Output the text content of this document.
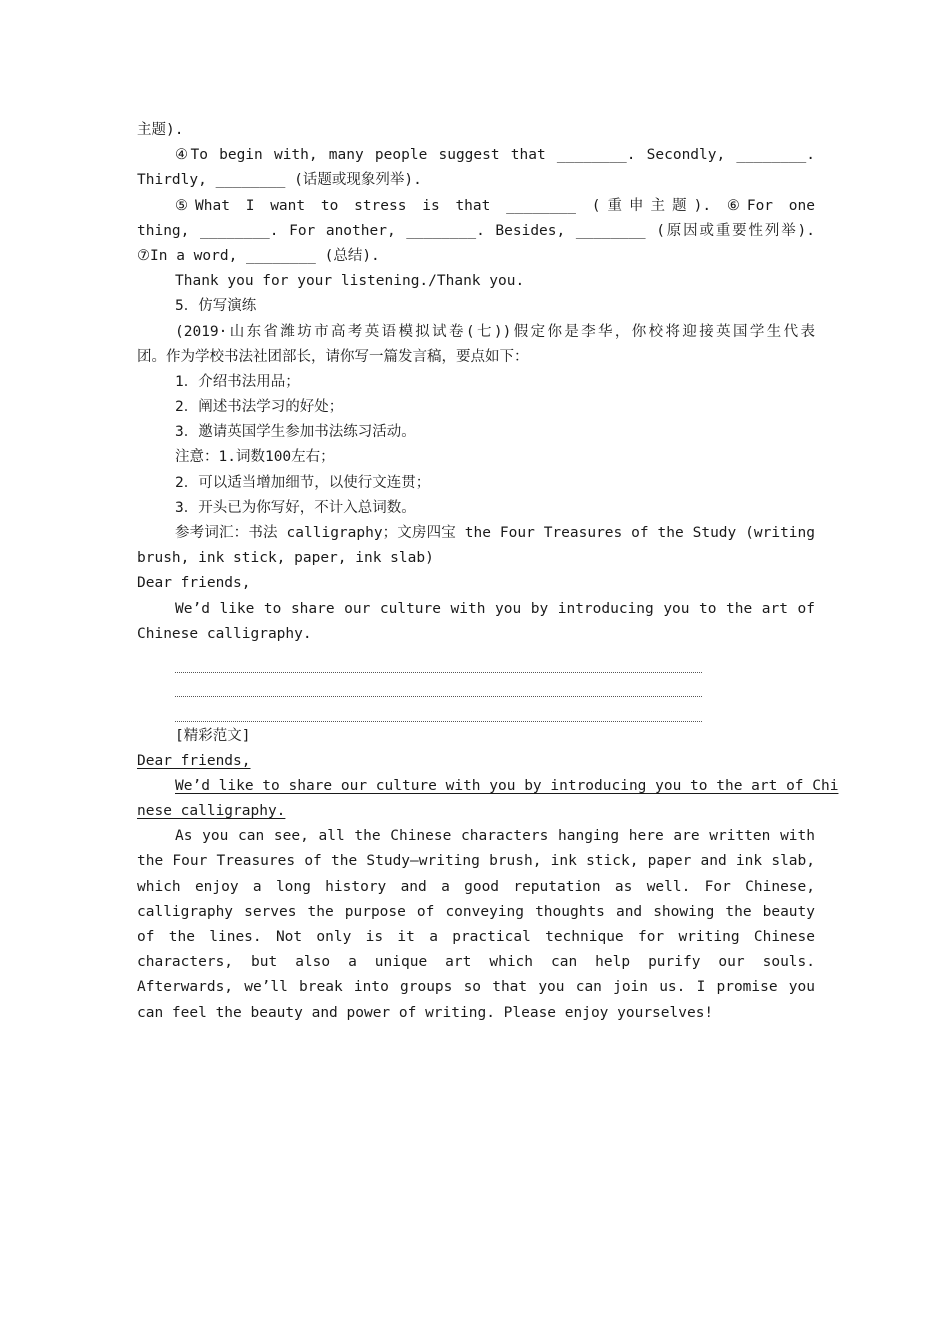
主题).
④To begin with, many people suggest that ________. Secondly, ________.
Thirdly, ________ (话题或现象列举).
⑤What I want to stress is that ________ (重申主题). ⑥For one
thing, ________. For another, ________. Besides, ________ (原因或重要性列举).
⑦In a word, ________ (总结).
Thank you for your listening./Thank you.
5．仿写演练
(2019·山东省潍坊市高考英语模拟试卷(七))假定你是李华，你校将迎接英国学生代表
团。作为学校书法社团部长，请你写一篇发言稿，要点如下：
1．介绍书法用品；
2．阐述书法学习的好处；
3．邀请英国学生参加书法练习活动。
注意：1.词数100左右；
2．可以适当增加细节，以使行文连贯；
3．开头已为你写好，不计入总词数。
参考词汇：书法 calligraphy；文房四宝 the Four Treasures of the Study (writing
brush, ink stick, paper, ink slab)
Dear friends,
We’d like to share our culture with you by introducing you to the art of
Chinese calligraphy.
[精彩范文]
Dear friends,
We’d like to share our culture with you by introducing you to the art of Chi
nese calligraphy.
As you can see, all the Chinese characters hanging here are written with the Four Treasures of the Study—writing brush, ink stick, paper and ink slab, which enjoy a long history and a good reputation as well. For Chinese, calligraphy serves the purpose of conveying thoughts and showing the beauty of the lines. Not only is it a practical technique for writing Chinese characters, but also a unique art which can help purify our souls. Afterwards, we’ll break into groups so that you can join us. I promise you can feel the beauty and power of writing. Please enjoy yourselves!
